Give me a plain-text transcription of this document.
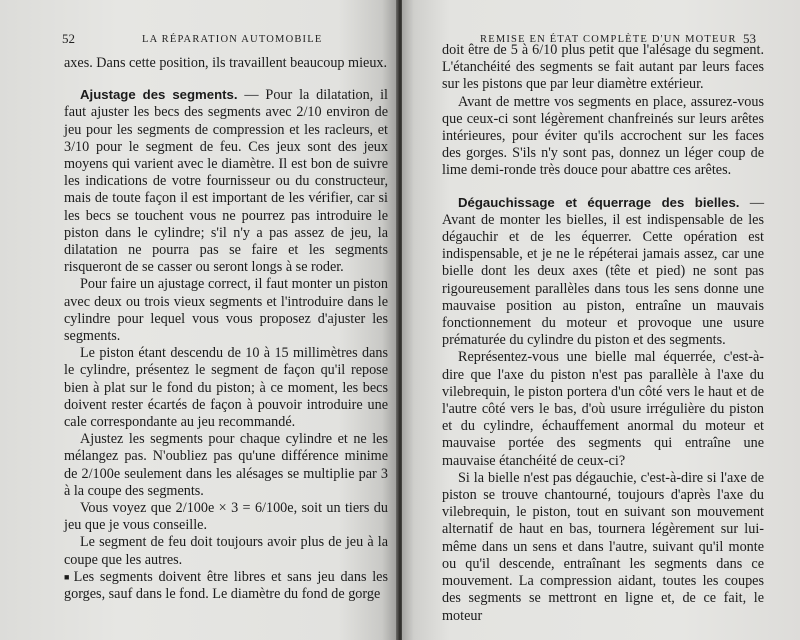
52	LA RÉPARATION AUTOMOBILE

axes. Dans cette position, ils travaillent beaucoup mieux.

Ajustage des segments. — Pour la dilatation, il faut ajuster les becs des segments avec 2/10 environ de jeu pour les segments de compression et les racleurs, et 3/10 pour le segment de feu. Ces jeux sont des jeux moyens qui varient avec le diamètre. Il est bon de suivre les indications de votre fournisseur ou du constructeur, mais de toute façon il est important de les vérifier, car si les becs se touchent vous ne pourrez pas introduire le piston dans le cylindre; s'il n'y a pas assez de jeu, la dilatation ne pourra pas se faire et les segments risqueront de se casser ou seront longs à se roder.

Pour faire un ajustage correct, il faut monter un piston avec deux ou trois vieux segments et l'introduire dans le cylindre pour lequel vous vous proposez d'ajuster les segments.

Le piston étant descendu de 10 à 15 millimètres dans le cylindre, présentez le segment de façon qu'il repose bien à plat sur le fond du piston; à ce moment, les becs doivent rester écartés de façon à pouvoir introduire une cale correspondante au jeu recommandé.

Ajustez les segments pour chaque cylindre et ne les mélangez pas. N'oubliez pas qu'une différence minime de 2/100e seulement dans les alésages se multiplie par 3 à la coupe des segments.

Vous voyez que 2/100e × 3 = 6/100e, soit un tiers du jeu que je vous conseille.

Le segment de feu doit toujours avoir plus de jeu à la coupe que les autres.

■ Les segments doivent être libres et sans jeu dans les gorges, sauf dans le fond. Le diamètre du fond de gorge

REMISE EN ÉTAT COMPLÈTE D'UN MOTEUR 53

doit être de 5 à 6/10 plus petit que l'alésage du segment. L'étanchéité des segments se fait autant par leurs faces sur les pistons que par leur diamètre extérieur.

Avant de mettre vos segments en place, assurez-vous que ceux-ci sont légèrement chanfreinés sur leurs arêtes intérieures, pour éviter qu'ils accrochent sur les faces des gorges. S'ils n'y sont pas, donnez un léger coup de lime demi-ronde très douce pour abattre ces arêtes.

Dégauchissage et équerrage des bielles. — Avant de monter les bielles, il est indispensable de les dégauchir et de les équerrer. Cette opération est indispensable, et je ne le répéterai jamais assez, car une bielle dont les deux axes (tête et pied) ne sont pas rigoureusement parallèles dans tous les sens donne une mauvaise position au piston, entraîne un mauvais fonctionnement du moteur et provoque une usure prématurée du cylindre du piston et des segments.

Représentez-vous une bielle mal équerrée, c'est-à-dire que l'axe du piston n'est pas parallèle à l'axe du vilebrequin, le piston portera d'un côté vers le haut et de l'autre côté vers le bas, d'où usure irrégulière du piston et du cylindre, échauffement anormal du moteur et mauvaise portée des segments qui entraîne une mauvaise étanchéité de ceux-ci?

Si la bielle n'est pas dégauchie, c'est-à-dire si l'axe de piston se trouve chantourné, toujours d'après l'axe du vilebrequin, le piston, tout en suivant son mouvement alternatif de haut en bas, tournera légèrement sur lui-même dans un sens et dans l'autre, suivant qu'il monte ou qu'il descende, entraînant les segments dans ce mouvement. La compression aidant, toutes les coupes des segments se mettront en ligne et, de ce fait, le moteur
